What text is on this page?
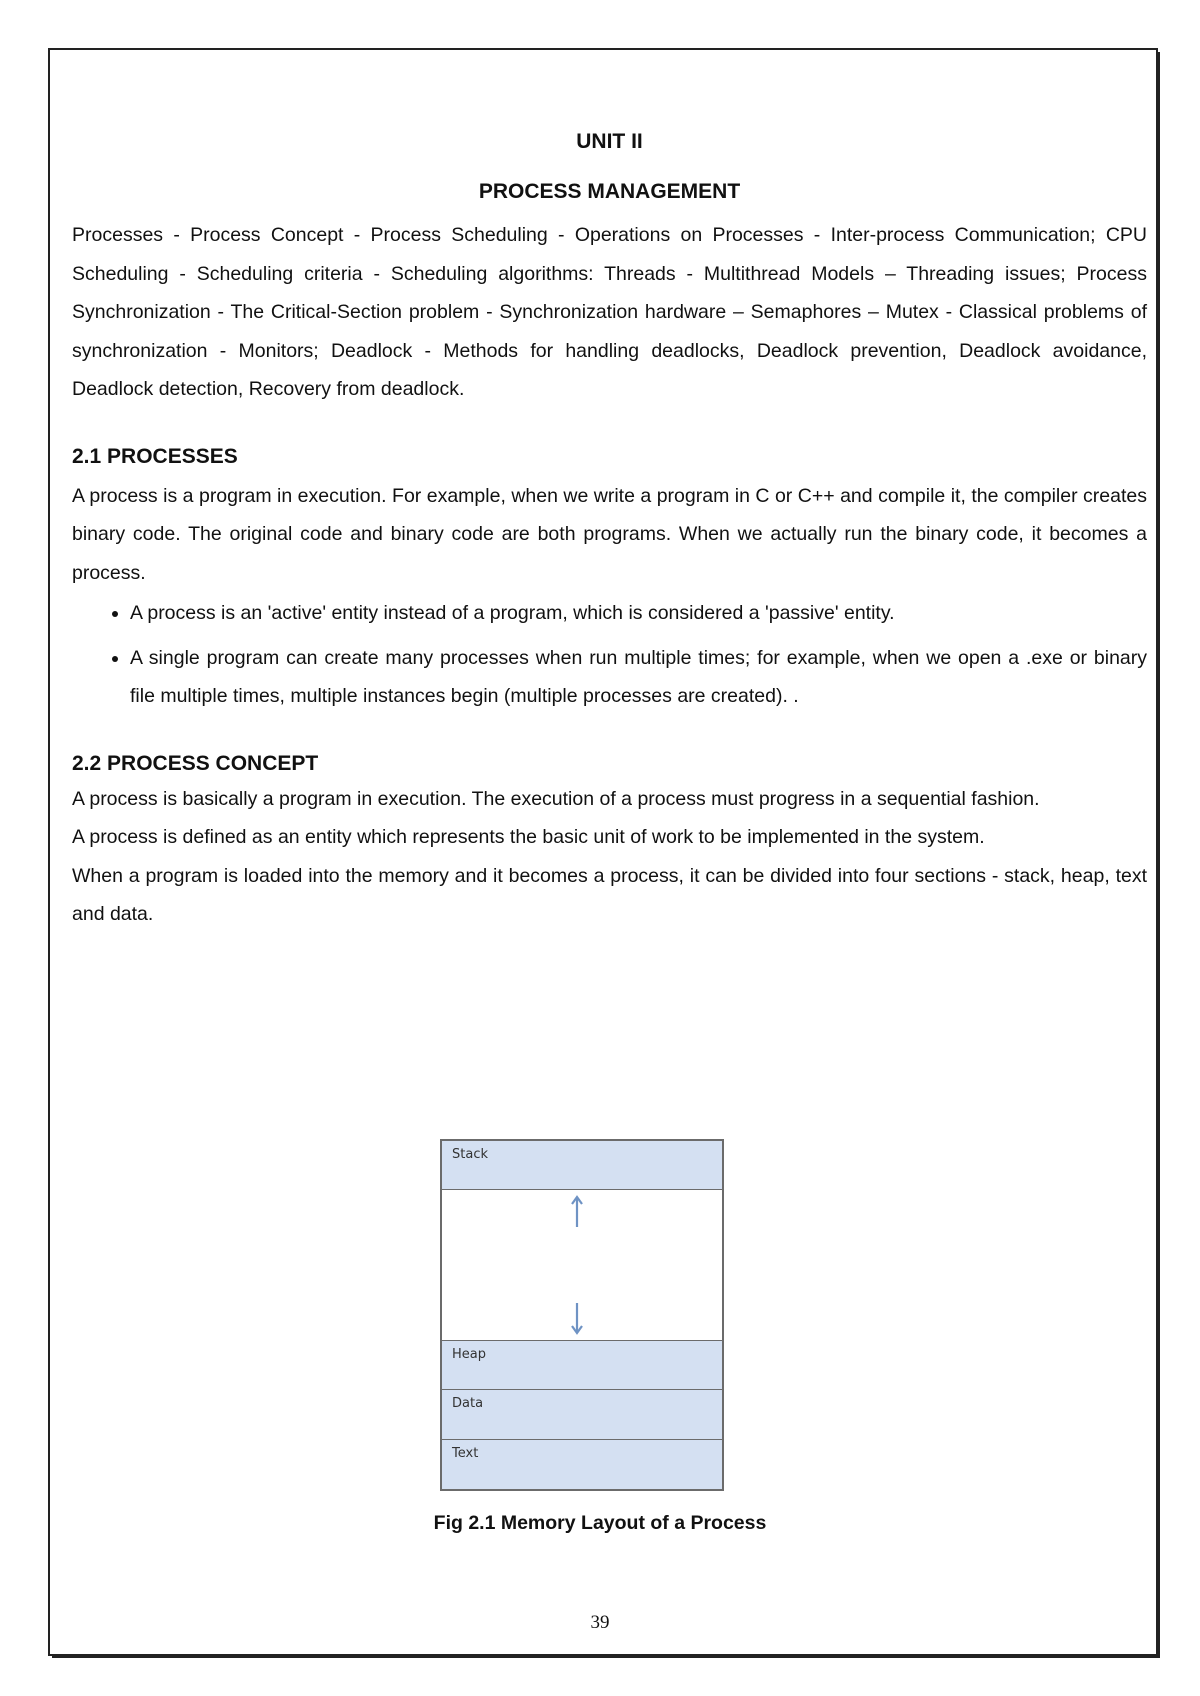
UNIT II
PROCESS MANAGEMENT

Processes - Process Concept - Process Scheduling - Operations on Processes - Inter-process Communication; CPU Scheduling - Scheduling criteria - Scheduling algorithms: Threads - Multithread Models – Threading issues; Process Synchronization - The Critical-Section problem - Synchronization hardware – Semaphores – Mutex - Classical problems of synchronization - Monitors; Deadlock - Methods for handling deadlocks, Deadlock prevention, Deadlock avoidance, Deadlock detection, Recovery from deadlock.

2.1 PROCESSES

A process is a program in execution. For example, when we write a program in C or C++ and compile it, the compiler creates binary code. The original code and binary code are both programs. When we actually run the binary code, it becomes a process.

• A process is an 'active' entity instead of a program, which is considered a 'passive' entity.
• A single program can create many processes when run multiple times; for example, when we open a .exe or binary file multiple times, multiple instances begin (multiple processes are created). .
2.2 PROCESS CONCEPT

A process is basically a program in execution. The execution of a process must progress in a sequential fashion.

A process is defined as an entity which represents the basic unit of work to be implemented in the system.

When a program is loaded into the memory and it becomes a process, it can be divided into four sections - stack, heap, text and data.

Stack
Heap
Data
Text
Fig 2.1 Memory Layout of a Process
39
